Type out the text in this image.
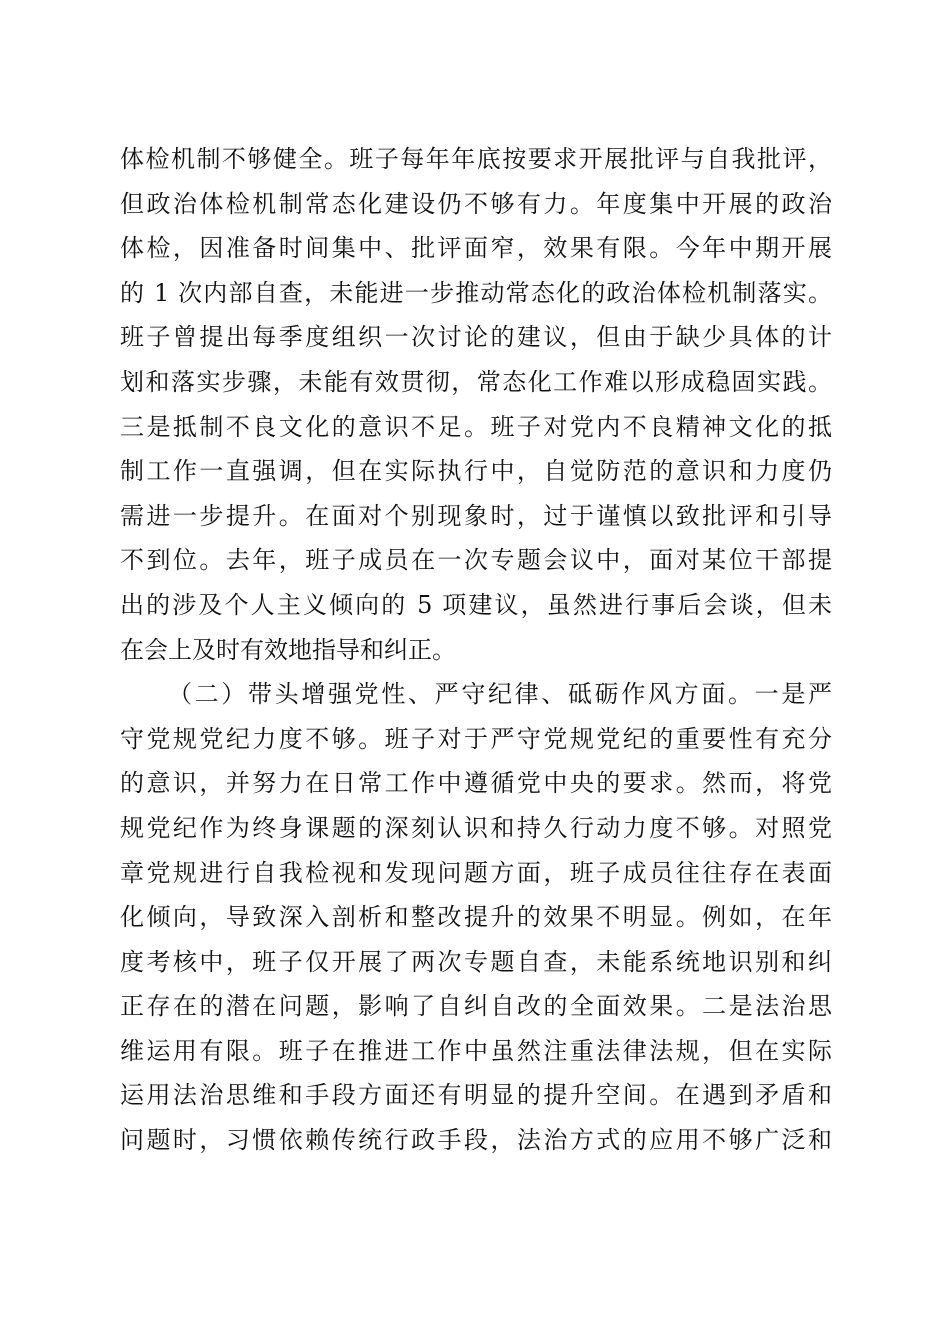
体检机制不够健全。班子每年年底按要求开展批评与自我批评，
但政治体检机制常态化建设仍不够有力。年度集中开展的政治
体检，因准备时间集中、批评面窄，效果有限。今年中期开展
的 1 次内部自查，未能进一步推动常态化的政治体检机制落实。
班子曾提出每季度组织一次讨论的建议，但由于缺少具体的计
划和落实步骤，未能有效贯彻，常态化工作难以形成稳固实践。
三是抵制不良文化的意识不足。班子对党内不良精神文化的抵
制工作一直强调，但在实际执行中，自觉防范的意识和力度仍
需进一步提升。在面对个别现象时，过于谨慎以致批评和引导
不到位。去年，班子成员在一次专题会议中，面对某位干部提
出的涉及个人主义倾向的 5 项建议，虽然进行事后会谈，但未
在会上及时有效地指导和纠正。
（二）带头增强党性、严守纪律、砥砺作风方面。一是严
守党规党纪力度不够。班子对于严守党规党纪的重要性有充分
的意识，并努力在日常工作中遵循党中央的要求。然而，将党
规党纪作为终身课题的深刻认识和持久行动力度不够。对照党
章党规进行自我检视和发现问题方面，班子成员往往存在表面
化倾向，导致深入剖析和整改提升的效果不明显。例如，在年
度考核中，班子仅开展了两次专题自查，未能系统地识别和纠
正存在的潜在问题，影响了自纠自改的全面效果。二是法治思
维运用有限。班子在推进工作中虽然注重法律法规，但在实际
运用法治思维和手段方面还有明显的提升空间。在遇到矛盾和
问题时，习惯依赖传统行政手段，法治方式的应用不够广泛和
